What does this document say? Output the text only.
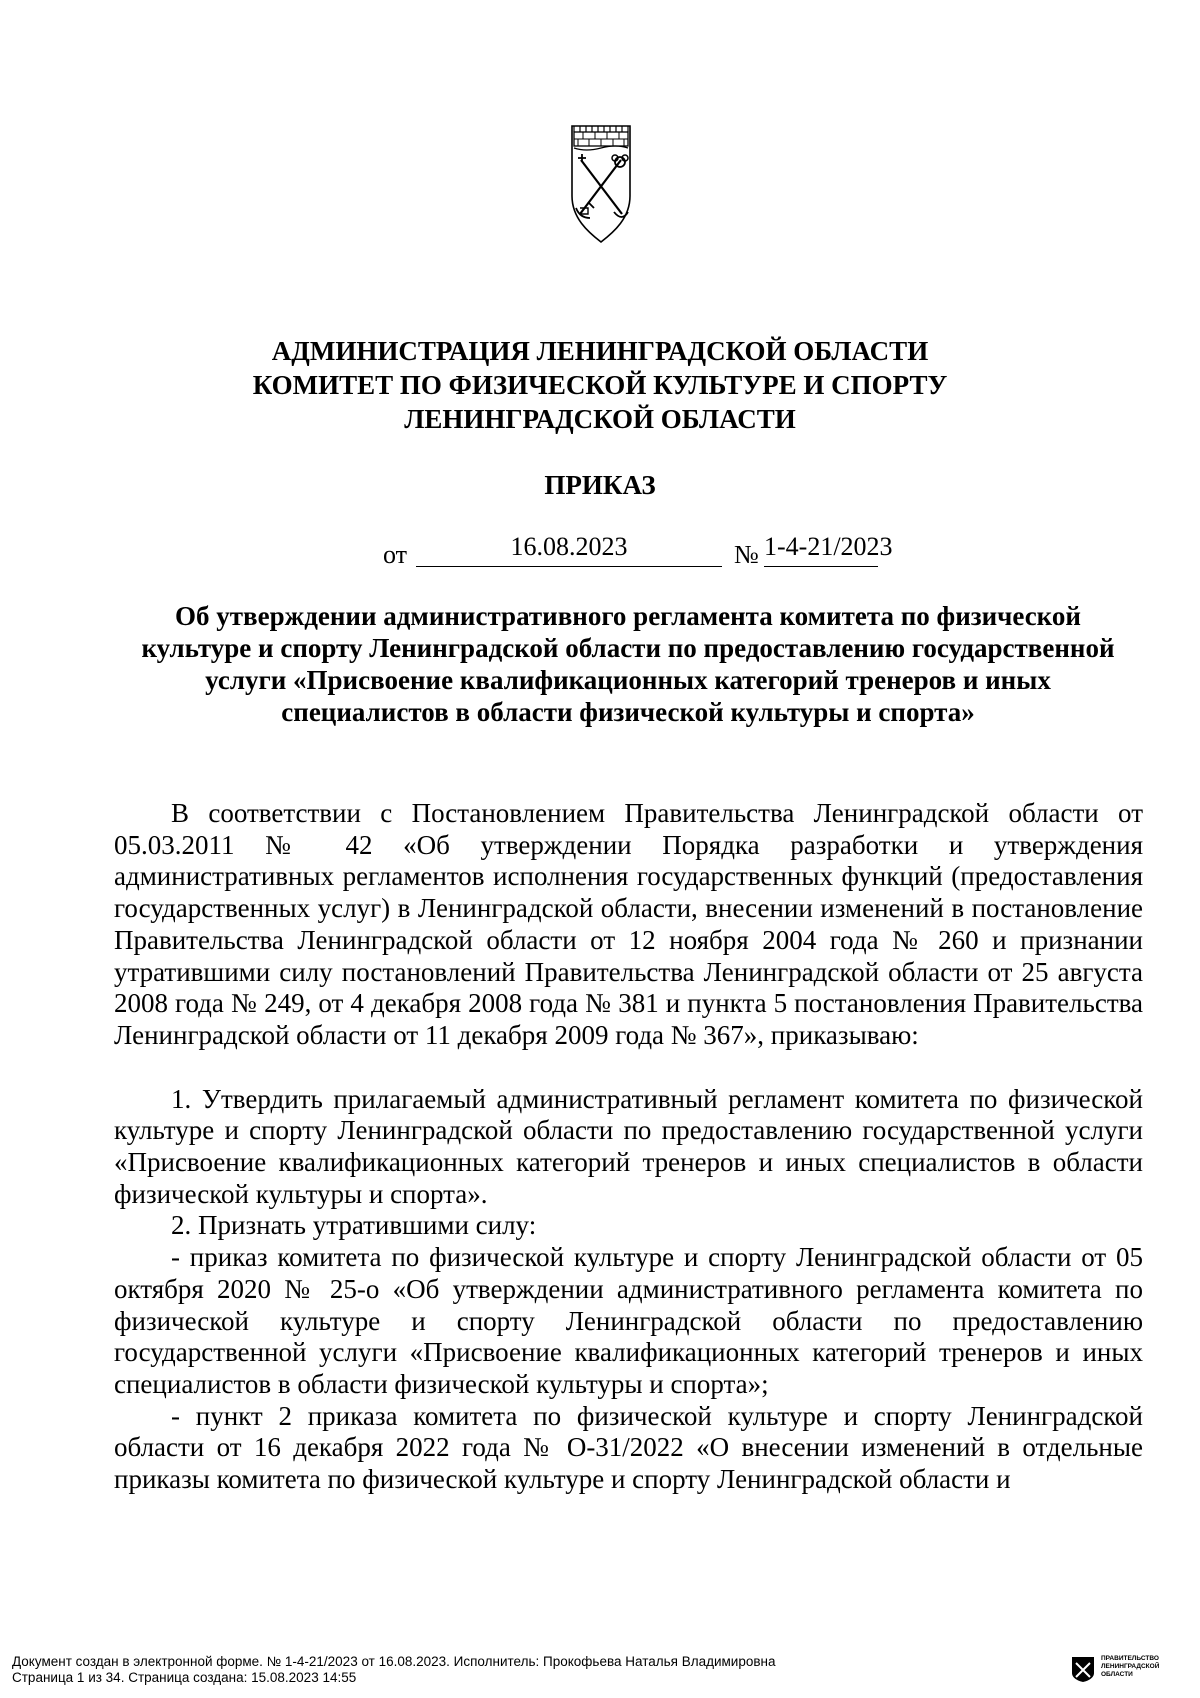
АДМИНИСТРАЦИЯ ЛЕНИНГРАДСКОЙ ОБЛАСТИ
КОМИТЕТ ПО ФИЗИЧЕСКОЙ КУЛЬТУРЕ И СПОРТУ
ЛЕНИНГРАДСКОЙ ОБЛАСТИ
ПРИКАЗ
от	16.08.2023	№ 1-4-21/2023
Об утверждении административного регламента комитета по физической
культуре и спорту Ленинградской области по предоставлению государственной
услуги «Присвоение квалификационных категорий тренеров и иных
специалистов в области физической культуры и спорта»

В соответствии с Постановлением Правительства Ленинградской области от 05.03.2011 № 42 «Об утверждении Порядка разработки и утверждения административных регламентов исполнения государственных функций (предоставления государственных услуг) в Ленинградской области, внесении изменений в постановление Правительства Ленинградской области от 12 ноября 2004 года № 260 и признании утратившими силу постановлений Правительства Ленинградской области от 25 августа 2008 года № 249, от 4 декабря 2008 года № 381 и пункта 5 постановления Правительства Ленинградской области от 11 декабря 2009 года № 367», приказываю:

1. Утвердить прилагаемый административный регламент комитета по физической культуре и спорту Ленинградской области по предоставлению государственной услуги «Присвоение квалификационных категорий тренеров и иных специалистов в области физической культуры и спорта».

2. Признать утратившими силу:

- приказ комитета по физической культуре и спорту Ленинградской области от 05 октября 2020 № 25-о «Об утверждении административного регламента комитета по физической культуре и спорту Ленинградской области по предоставлению государственной услуги «Присвоение квалификационных категорий тренеров и иных специалистов в области физической культуры и спорта»;

- пункт 2 приказа комитета по физической культуре и спорту Ленинградской области от 16 декабря 2022 года № О-31/2022 «О внесении изменений в отдельные приказы комитета по физической культуре и спорту Ленинградской области и

Документ создан в электронной форме. № 1-4-21/2023 от 16.08.2023. Исполнитель: Прокофьева Наталья Владимировна
Страница 1 из 34. Страница создана: 15.08.2023 14:55
ПРАВИТЕЛЬСТВО
ЛЕНИНГРАДСКОЙ
ОБЛАСТИ
